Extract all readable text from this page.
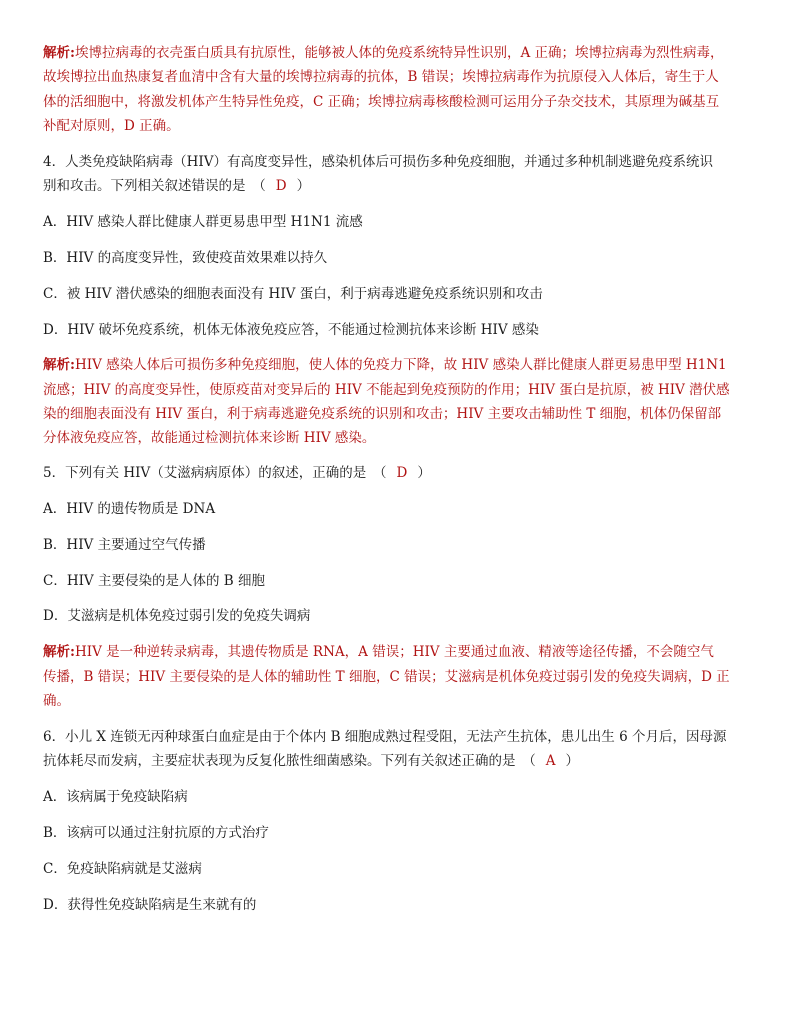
解析:埃博拉病毒的衣壳蛋白质具有抗原性，能够被人体的免疫系统特异性识别，A 正确；埃博拉病毒为烈性病毒，
故埃博拉出血热康复者血清中含有大量的埃博拉病毒的抗体，B 错误；埃博拉病毒作为抗原侵入人体后，寄生于人
体的活细胞中，将激发机体产生特异性免疫，C 正确；埃博拉病毒核酸检测可运用分子杂交技术，其原理为碱基互
补配对原则，D 正确。
4．人类免疫缺陷病毒（HIV）有高度变异性，感染机体后可损伤多种免疫细胞，并通过多种机制逃避免疫系统识
别和攻击。下列相关叙述错误的是　（ D ）
A．HIV 感染人群比健康人群更易患甲型 H1N1 流感
B．HIV 的高度变异性，致使疫苗效果难以持久
C．被 HIV 潜伏感染的细胞表面没有 HIV 蛋白，利于病毒逃避免疫系统识别和攻击
D．HIV 破坏免疫系统，机体无体液免疫应答，不能通过检测抗体来诊断 HIV 感染
解析:HIV 感染人体后可损伤多种免疫细胞，使人体的免疫力下降，故 HIV 感染人群比健康人群更易患甲型 H1N1
流感；HIV 的高度变异性，使原疫苗对变异后的 HIV 不能起到免疫预防的作用；HIV 蛋白是抗原，被 HIV 潜伏感
染的细胞表面没有 HIV 蛋白，利于病毒逃避免疫系统的识别和攻击；HIV 主要攻击辅助性 T 细胞，机体仍保留部
分体液免疫应答，故能通过检测抗体来诊断 HIV 感染。
5．下列有关 HIV（艾滋病病原体）的叙述，正确的是　（ D ）
A．HIV 的遗传物质是 DNA
B．HIV 主要通过空气传播
C．HIV 主要侵染的是人体的 B 细胞
D．艾滋病是机体免疫过弱引发的免疫失调病
解析:HIV 是一种逆转录病毒，其遗传物质是 RNA，A 错误；HIV 主要通过血液、精液等途径传播，不会随空气
传播，B 错误；HIV 主要侵染的是人体的辅助性 T 细胞，C 错误；艾滋病是机体免疫过弱引发的免疫失调病，D 正
确。
6．小儿 X 连锁无丙种球蛋白血症是由于个体内 B 细胞成熟过程受阻，无法产生抗体，患儿出生 6 个月后，因母源
抗体耗尽而发病，主要症状表现为反复化脓性细菌感染。下列有关叙述正确的是　（ A ）
A．该病属于免疫缺陷病
B．该病可以通过注射抗原的方式治疗
C．免疫缺陷病就是艾滋病
D．获得性免疫缺陷病是生来就有的
